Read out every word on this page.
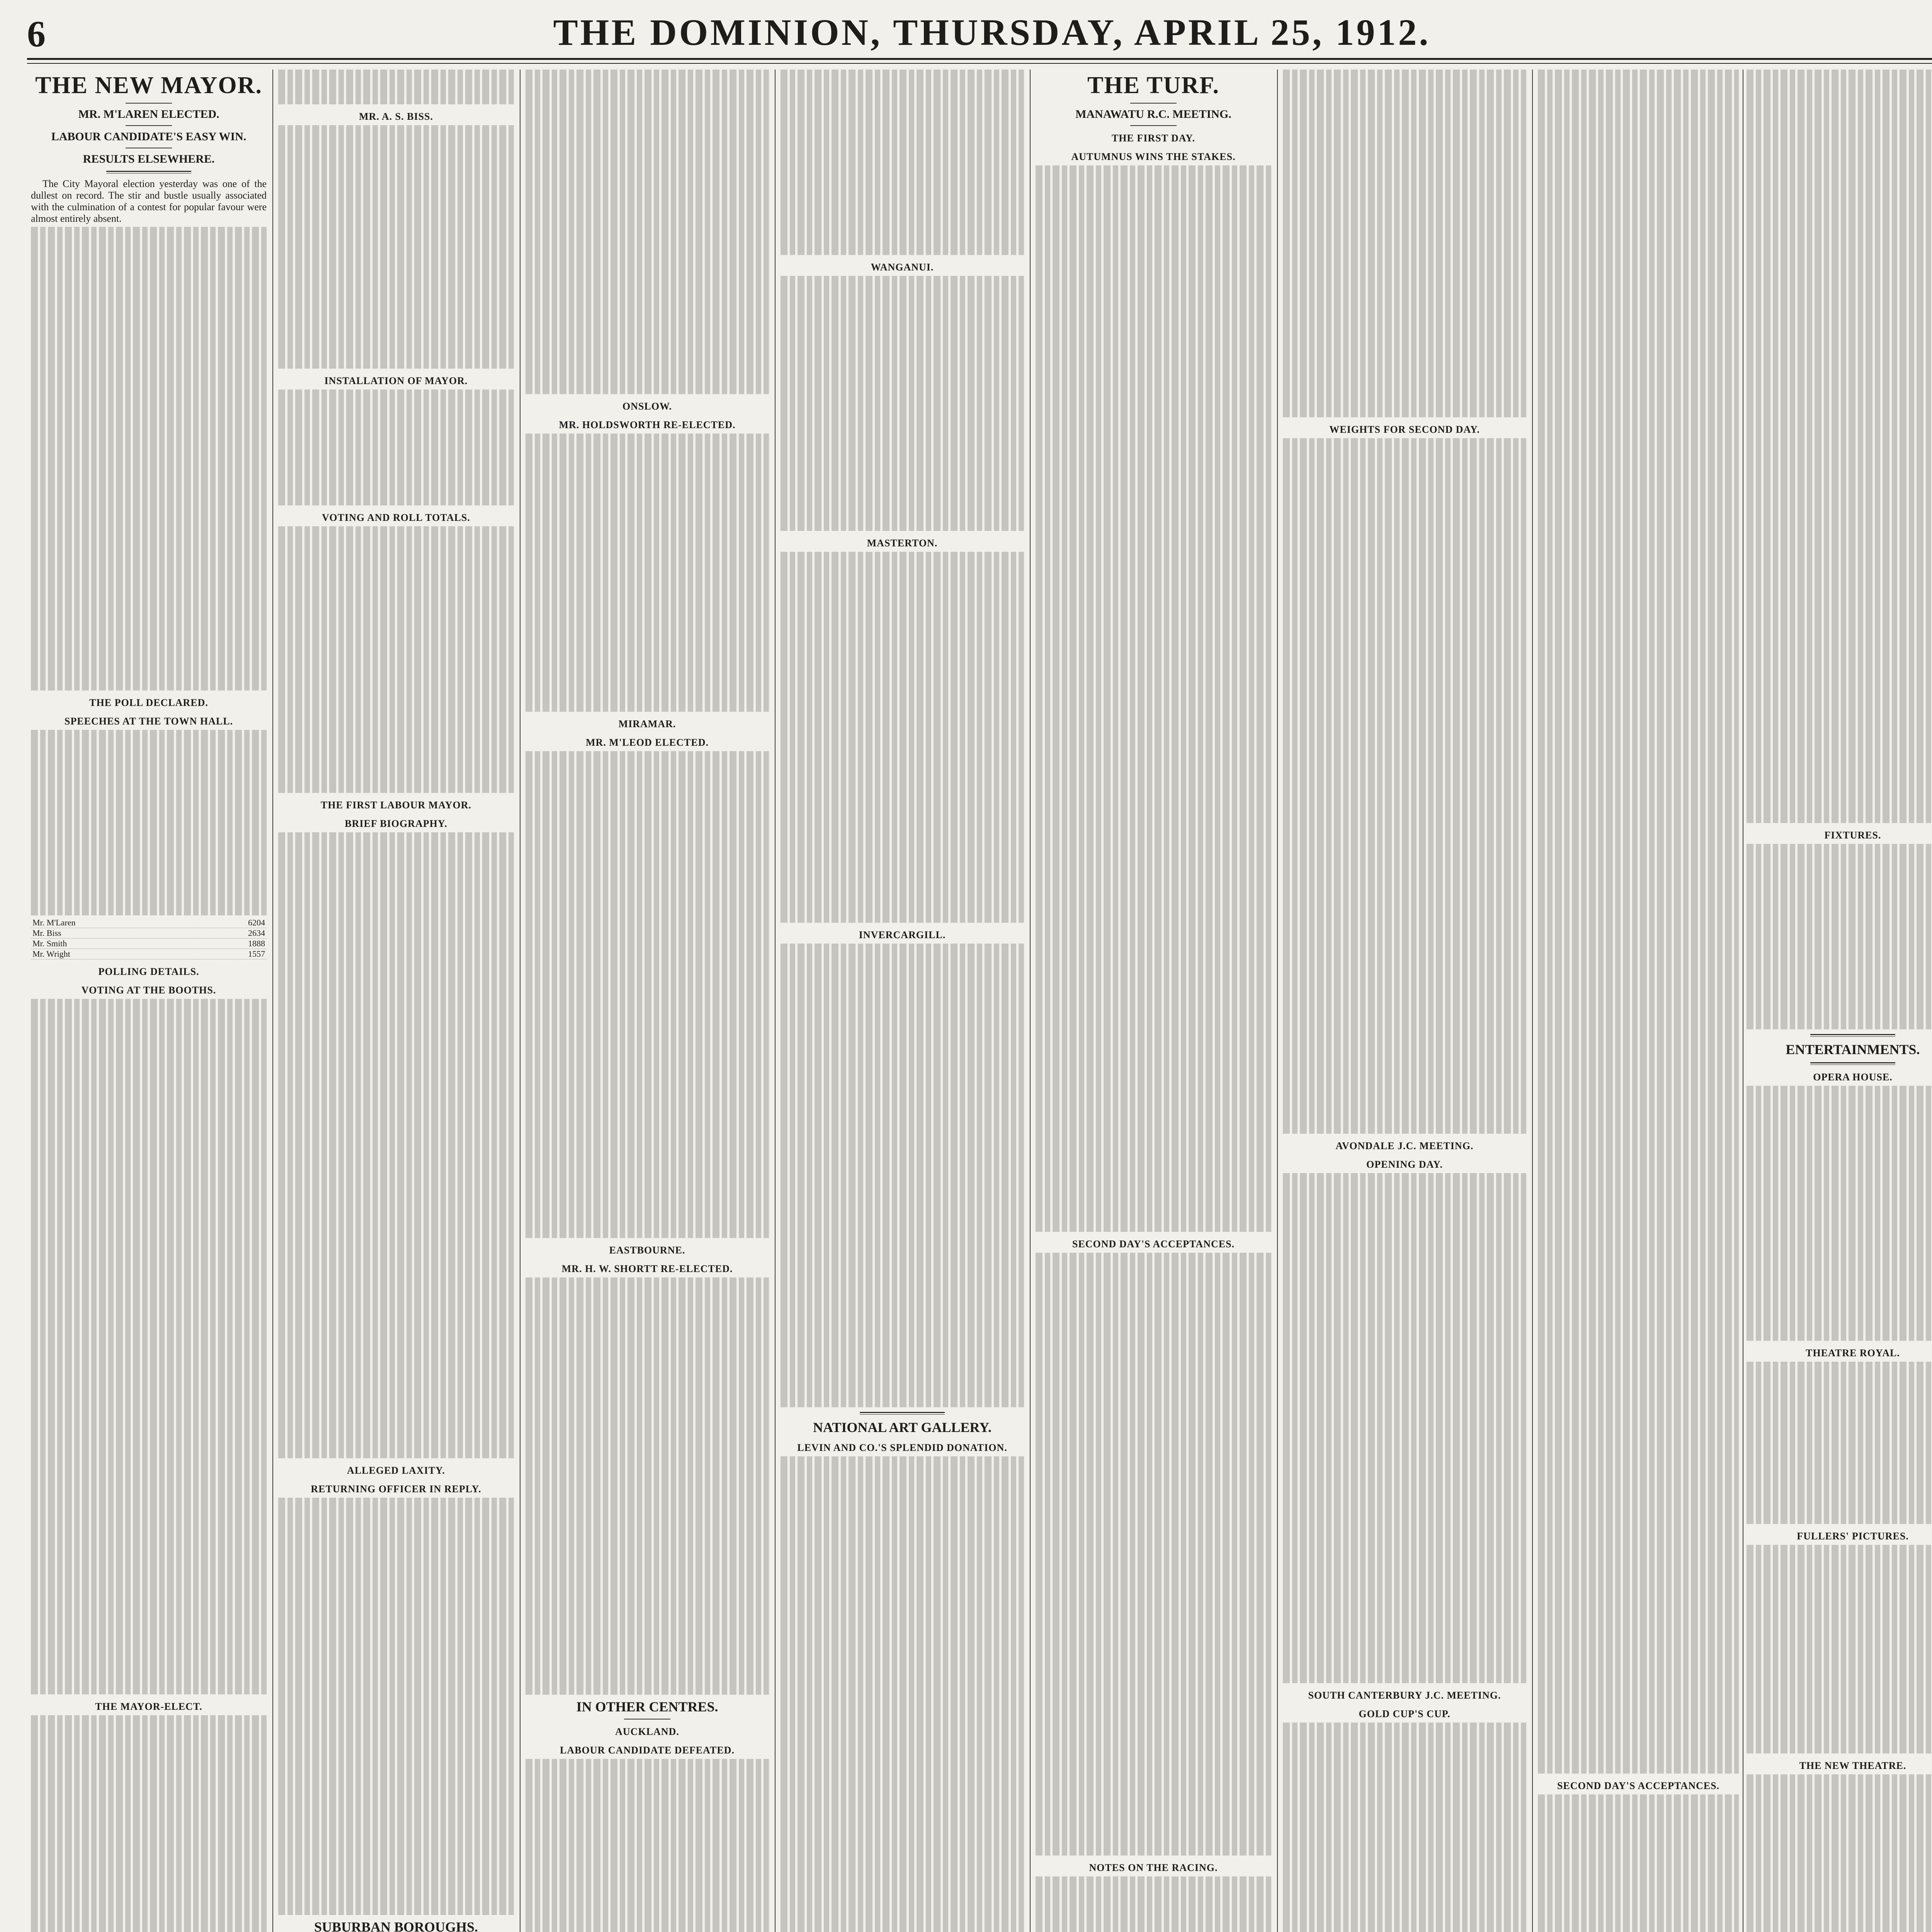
6	THE DOMINION, THURSDAY, APRIL 25, 1912.
THE NEW MAYOR.
MR. M'LAREN ELECTED.
LABOUR CANDIDATE'S EASY WIN.
RESULTS ELSEWHERE.

The City Mayoral election yesterday was one of the dullest on record. The stir and bustle usually associated with the culmination of a contest for popular favour were almost entirely absent.

THE POLL DECLARED.
SPEECHES AT THE TOWN HALL.
Mr. M'Laren	6204
Mr. Biss	2634
Mr. Smith	1888
Mr. Wright	1557
POLLING DETAILS.
VOTING AT THE BOOTHS.
THE MAYOR-ELECT.
MR. A. S. BISS.
INSTALLATION OF MAYOR.
VOTING AND ROLL TOTALS.
THE FIRST LABOUR MAYOR.
BRIEF BIOGRAPHY.
ALLEGED LAXITY.
RETURNING OFFICER IN REPLY.
SUBURBAN BOROUGHS.
ONSLOW.
MR. HOLDSWORTH RE-ELECTED.
MIRAMAR.
MR. M'LEOD ELECTED.
EASTBOURNE.
MR. H. W. SHORTT RE-ELECTED.
IN OTHER CENTRES.
AUCKLAND.
LABOUR CANDIDATE DEFEATED.
WANGANUI.
MASTERTON.
INVERCARGILL.
NATIONAL ART GALLERY.
LEVIN AND CO.'S SPLENDID DONATION.
THE TURF.
MANAWATU R.C. MEETING.
THE FIRST DAY.
AUTUMNUS WINS THE STAKES.
SECOND DAY'S ACCEPTANCES.
NOTES ON THE RACING.
WEIGHTS FOR SECOND DAY.
AVONDALE J.C. MEETING.
OPENING DAY.
SOUTH CANTERBURY J.C. MEETING.
GOLD CUP'S CUP.
SECOND DAY'S ACCEPTANCES.
FIXTURES.
ENTERTAINMENTS.
OPERA HOUSE.
THEATRE ROYAL.
FULLERS' PICTURES.
THE NEW THEATRE.
